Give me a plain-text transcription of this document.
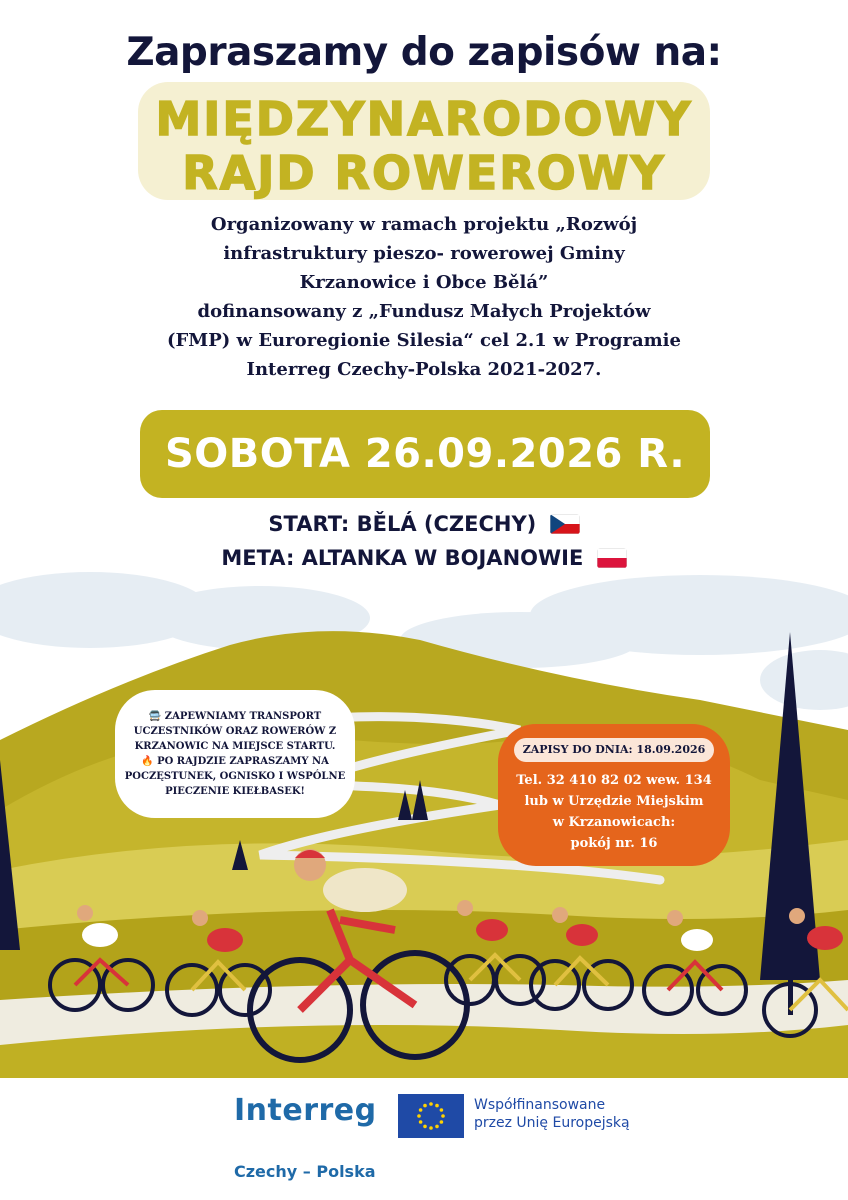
Zapraszamy do zapisów na:
MIĘDZYNARODOWY
RAJD ROWEROWY
Organizowany w ramach projektu „Rozwój
infrastruktury pieszo- rowerowej Gminy
Krzanowice i Obce Bělá”
dofinansowany z „Fundusz Małych Projektów
(FMP) w Euroregionie Silesia“ cel 2.1 w Programie
Interreg Czechy-Polska 2021-2027.
SOBOTA 26.09.2026 R.
START: BĚLÁ (CZECHY)
META: ALTANKA W BOJANOWIE
🚍 ZAPEWNIAMY TRANSPORT
UCZESTNIKÓW ORAZ ROWERÓW Z
KRZANOWIC NA MIEJSCE STARTU.
🔥 PO RAJDZIE ZAPRASZAMY NA
POCZĘSTUNEK, OGNISKO I WSPÓLNE
PIECZENIE KIEŁBASEK!
ZAPISY DO DNIA: 18.09.2026
Tel. 32 410 82 02 wew. 134
lub w Urzędzie Miejskim
w Krzanowicach:
pokój nr. 16
Interreg	Współfinansowane
przez Unię Europejską
Czechy – Polska
